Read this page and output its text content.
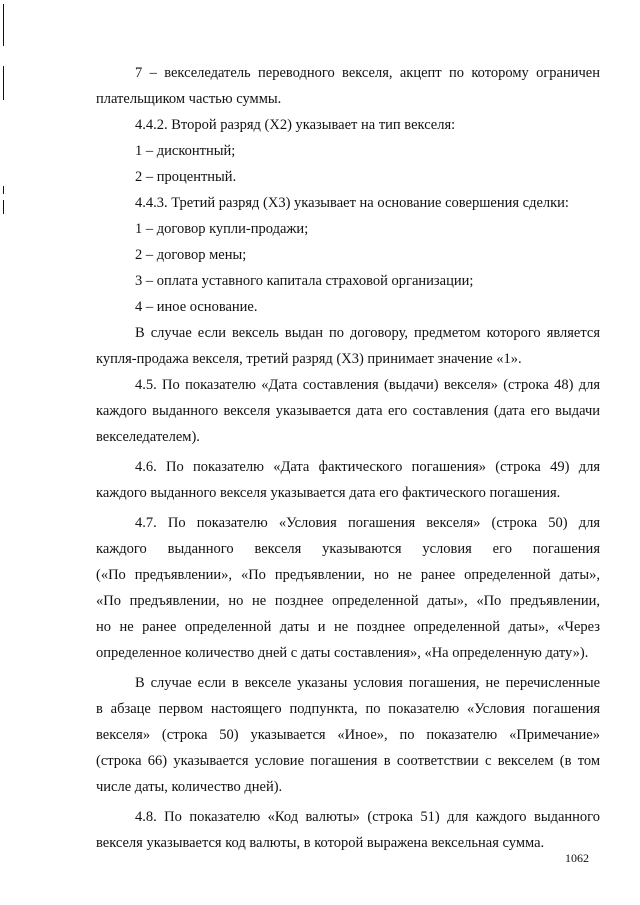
7 – векселедатель переводного векселя, акцепт по которому ограничен
плательщиком частью суммы.
4.4.2. Второй разряд (Х2) указывает на тип векселя:
1 – дисконтный;
2 – процентный.
4.4.3. Третий разряд (Х3) указывает на основание совершения сделки:
1 – договор купли-продажи;
2 – договор мены;
3 – оплата уставного капитала страховой организации;
4 – иное основание.
В случае если вексель выдан по договору, предметом которого является
купля-продажа векселя, третий разряд (Х3) принимает значение «1».
4.5. По показателю «Дата составления (выдачи) векселя» (строка 48) для
каждого выданного векселя указывается дата его составления (дата его выдачи
векселедателем).
4.6. По показателю «Дата фактического погашения» (строка 49) для
каждого выданного векселя указывается дата его фактического погашения.
4.7. По показателю «Условия погашения векселя» (строка 50) для
каждого выданного векселя указываются условия его погашения
(«По предъявлении», «По предъявлении, но не ранее определенной даты»,
«По предъявлении, но не позднее определенной даты», «По предъявлении,
но не ранее определенной даты и не позднее определенной даты», «Через
определенное количество дней с даты составления», «На определенную дату»).
В случае если в векселе указаны условия погашения, не перечисленные
в абзаце первом настоящего подпункта, по показателю «Условия погашения
векселя» (строка 50) указывается «Иное», по показателю «Примечание»
(строка 66) указывается условие погашения в соответствии с векселем (в том
числе даты, количество дней).
4.8. По показателю «Код валюты» (строка 51) для каждого выданного
векселя указывается код валюты, в которой выражена вексельная сумма.
1062
